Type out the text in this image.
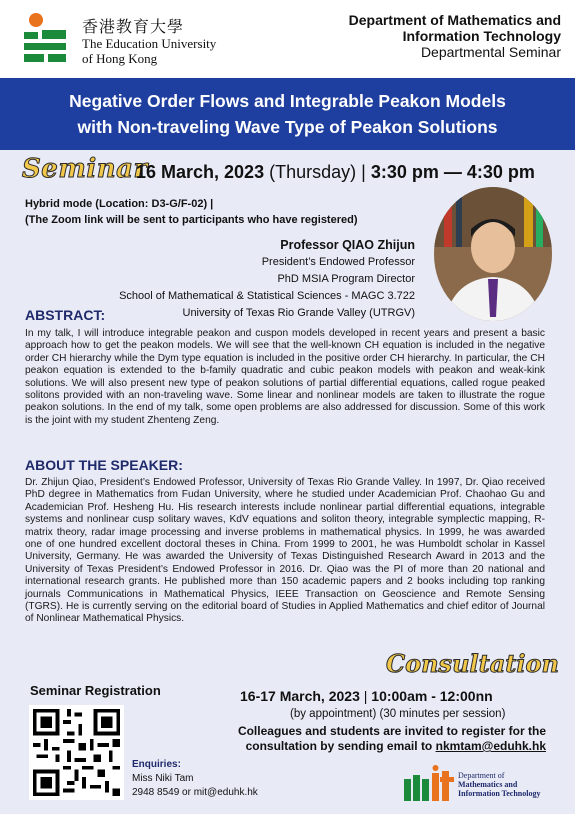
香港教育大學
The Education University
of Hong Kong
Department of Mathematics and
Information Technology
Departmental Seminar
Negative Order Flows and Integrable Peakon Models
with Non-traveling Wave Type of Peakon Solutions
Seminar
16 March, 2023 (Thursday) | 3:30 pm — 4:30 pm
Hybrid mode (Location: D3-G/F-02) |
(The Zoom link will be sent to participants who have registered)
Professor QIAO Zhijun
President’s Endowed Professor
PhD MSIA Program Director
School of Mathematical & Statistical Sciences - MAGC 3.722
University of Texas Rio Grande Valley (UTRGV)
ABSTRACT:
In my talk, I will introduce integrable peakon and cuspon models developed in recent years and present a basic approach how to get the peakon models. We will see that the well-known CH equation is included in the negative order CH hierarchy while the Dym type equation is included in the positive order CH hierarchy. In particular, the CH peakon equation is extended to the b-family quadratic and cubic peakon models with peakon and weak-kink solutions. We will also present new type of peakon solutions of partial differential equations, called rogue peaked solitons provided with an non-traveling wave. Some linear and nonlinear models are taken to illustrate the rogue peakon solutions. In the end of my talk, some open problems are also addressed for discussion. Some of this work is the joint with my student Zhenteng Zeng.
ABOUT THE SPEAKER:
Dr. Zhijun Qiao, President’s Endowed Professor, University of Texas Rio Grande Valley. In 1997, Dr. Qiao received PhD degree in Mathematics from Fudan University, where he studied under Academician Prof. Chaohao Gu and Academician Prof. Hesheng Hu. His research interests include nonlinear partial differential equations, integrable systems and nonlinear cusp solitary waves, KdV equations and soliton theory, integrable symplectic mapping, R-matrix theory, radar image processing and inverse problems in mathematical physics. In 1999, he was awarded one of one hundred excellent doctoral theses in China. From 1999 to 2001, he was Humboldt scholar in Kassel University, Germany. He was awarded the University of Texas Distinguished Research Award in 2013 and the University of Texas President’s Endowed Professor in 2016. Dr. Qiao was the PI of more than 20 national and international research grants. He published more than 150 academic papers and 2 books including top ranking journals Communications in Mathematical Physics, IEEE Transaction on Geoscience and Remote Sensing (TGRS). He is currently serving on the editorial board of Studies in Applied Mathematics and chief editor of Journal of Nonlinear Mathematical Physics.
Consultation
Seminar Registration
Enquiries:
Miss Niki Tam
2948 8549 or mit@eduhk.hk
16-17 March, 2023 | 10:00am - 12:00nn
(by appointment) (30 minutes per session)
Colleagues and students are invited to register for the
consultation by sending email to nkmtam@eduhk.hk
Department of
Mathematics and
Information Technology
